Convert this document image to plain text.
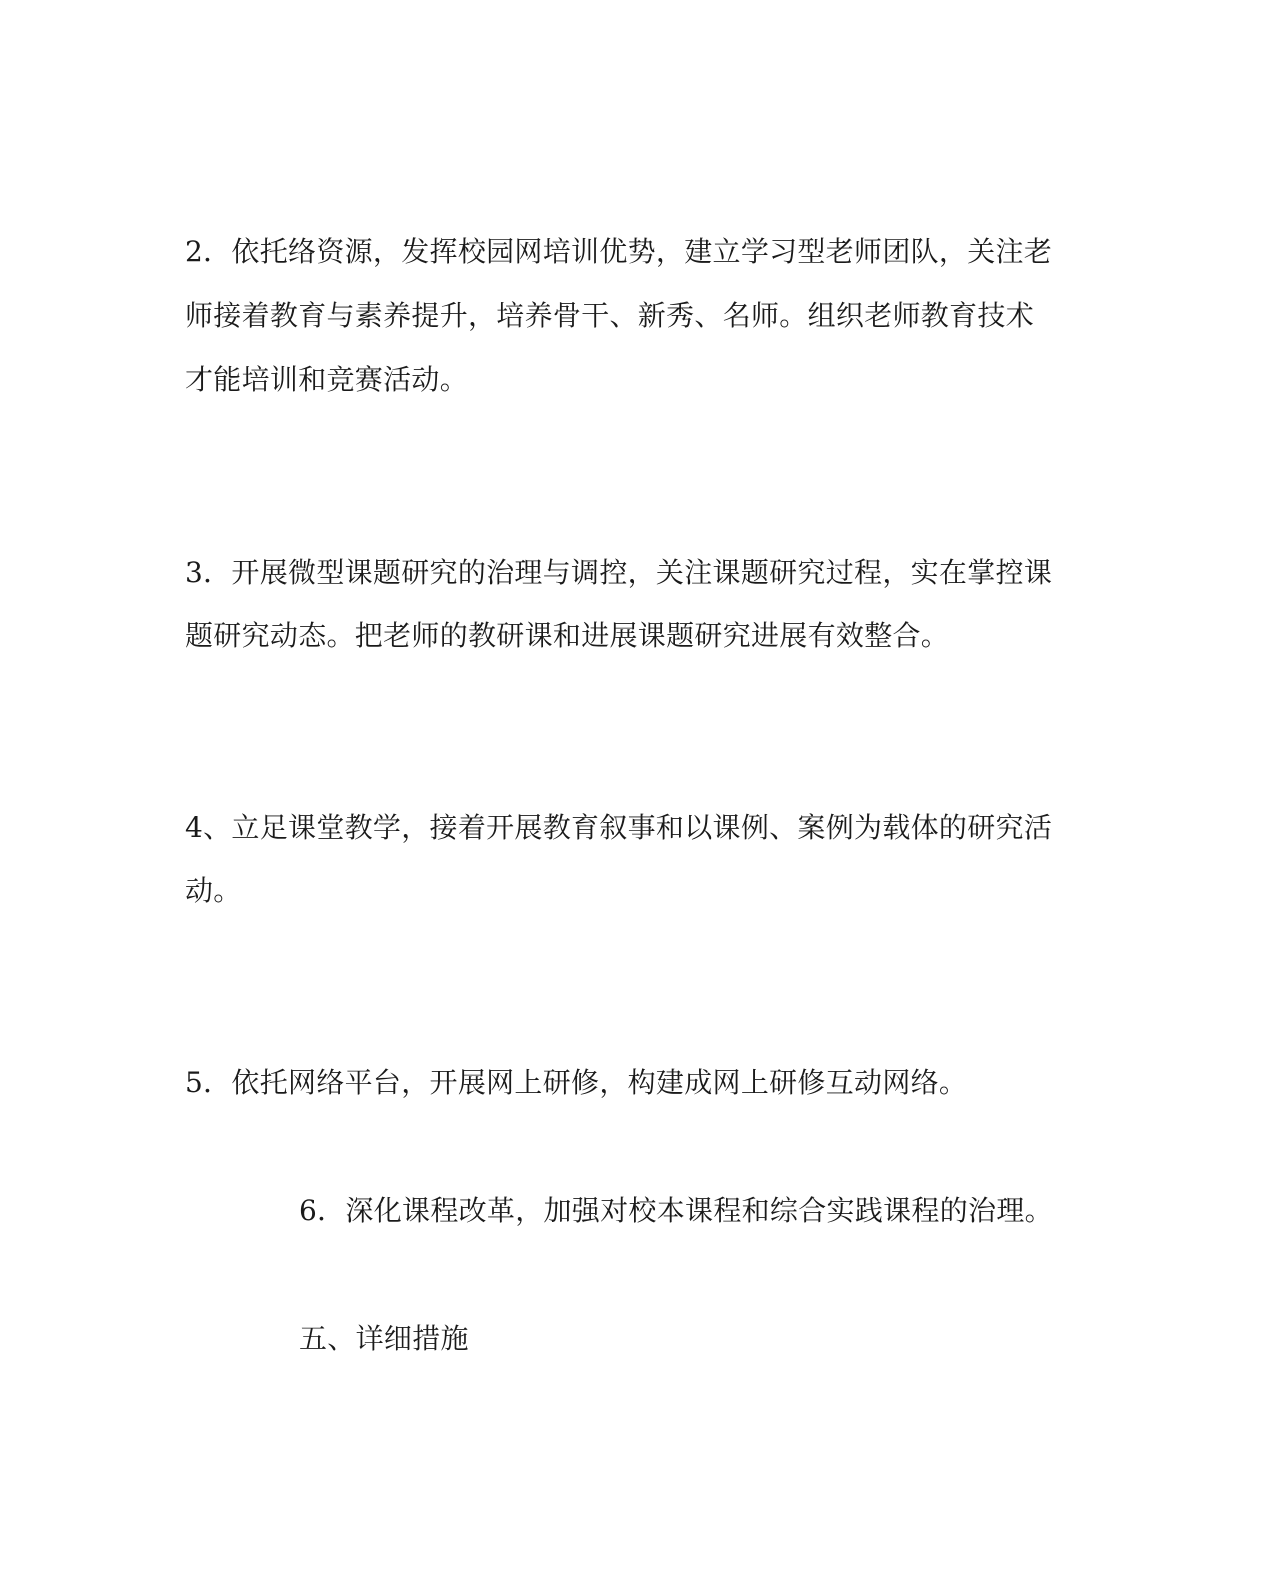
2．依托络资源，发挥校园网培训优势，建立学习型老师团队，关注老
师接着教育与素养提升，培养骨干、新秀、名师。组织老师教育技术
才能培训和竞赛活动。
3．开展微型课题研究的治理与调控，关注课题研究过程，实在掌控课
题研究动态。把老师的教研课和进展课题研究进展有效整合。
4、立足课堂教学，接着开展教育叙事和以课例、案例为载体的研究活
动。
5．依托网络平台，开展网上研修，构建成网上研修互动网络。
6．深化课程改革，加强对校本课程和综合实践课程的治理。
五、详细措施
